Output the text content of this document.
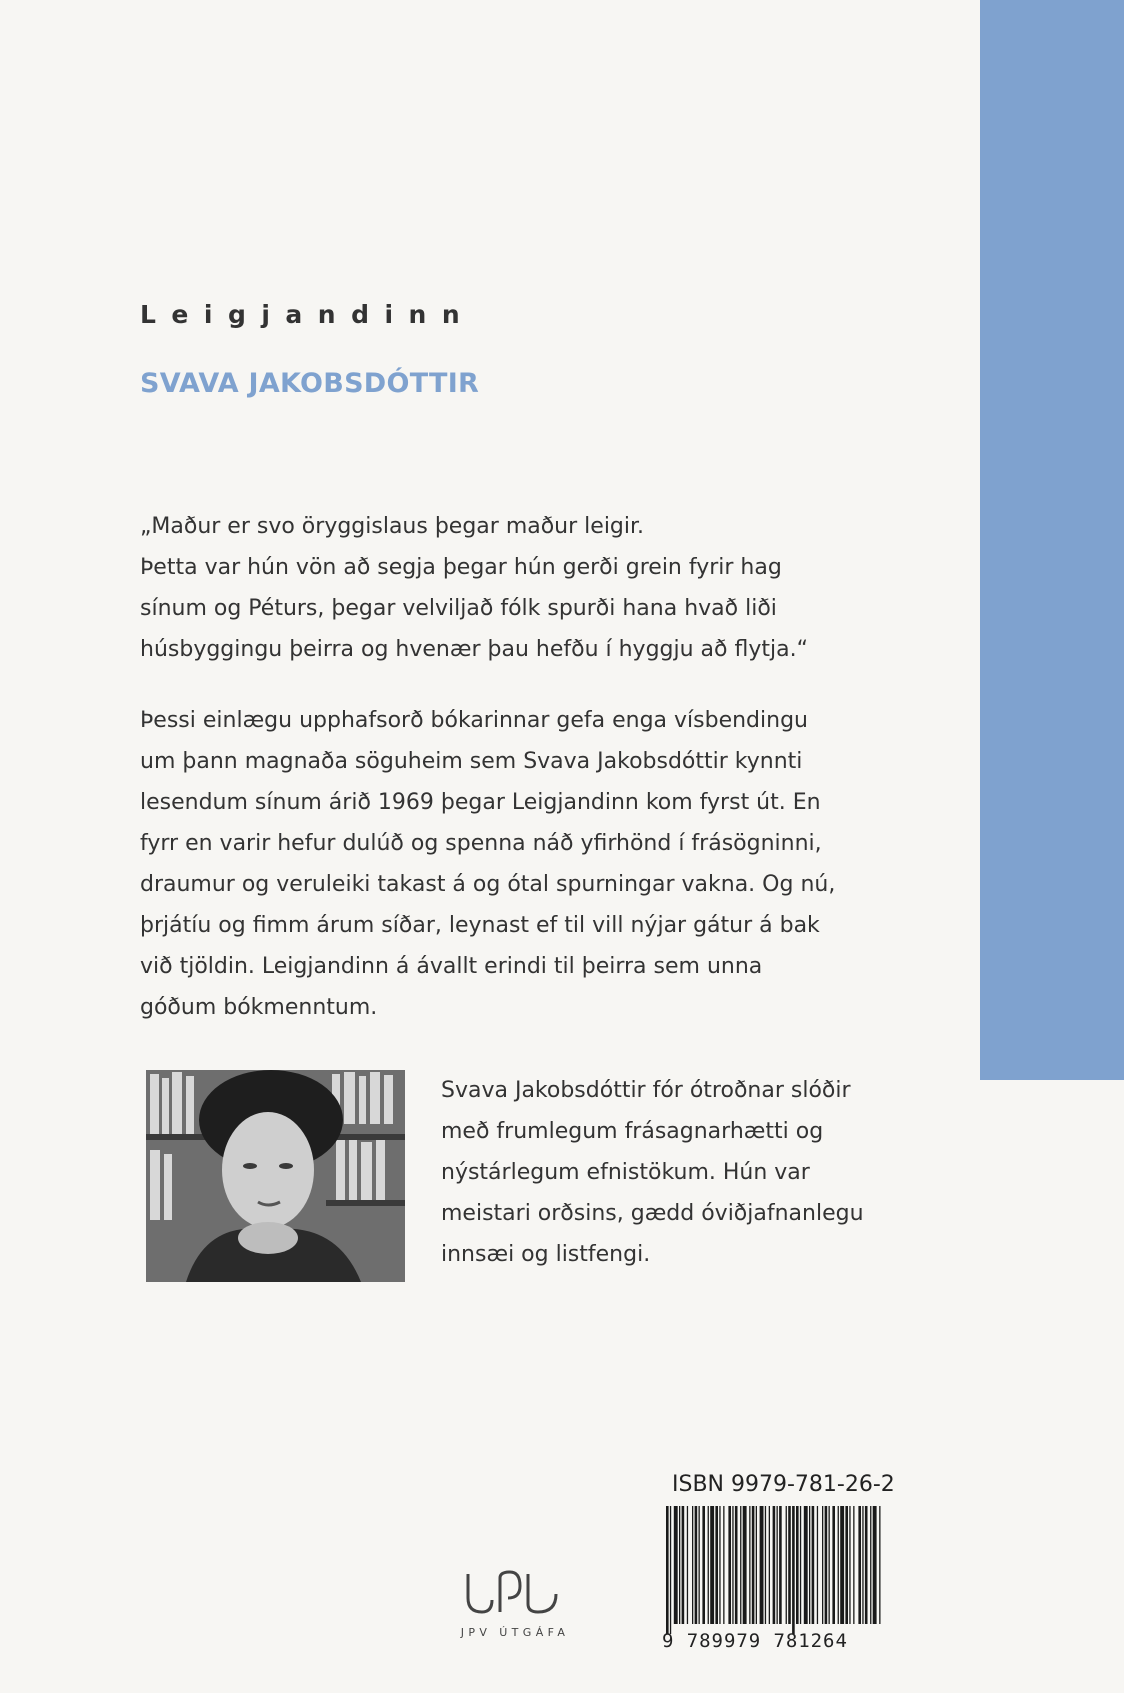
Leigjandinn
SVAVA JAKOBSDÓTTIR
„Maður er svo öryggislaus þegar maður leigir.
Þetta var hún vön að segja þegar hún gerði grein fyrir hag
sínum og Péturs, þegar velviljað fólk spurði hana hvað liði
húsbyggingu þeirra og hvenær þau hefðu í hyggju að flytja.“
Þessi einlægu upphafsorð bókarinnar gefa enga vísbendingu
um þann magnaða söguheim sem Svava Jakobsdóttir kynnti
lesendum sínum árið 1969 þegar Leigjandinn kom fyrst út. En
fyrr en varir hefur dulúð og spenna náð yfirhönd í frásögninni,
draumur og veruleiki takast á og ótal spurningar vakna. Og nú,
þrjátíu og fimm árum síðar, leynast ef til vill nýjar gátur á bak
við tjöldin. Leigjandinn á ávallt erindi til þeirra sem unna
góðum bókmenntum.
Svava Jakobsdóttir fór ótroðnar slóðir
með frumlegum frásagnarhætti og
nýstárlegum efnistökum. Hún var
meistari orðsins, gædd óviðjafnanlegu
innsæi og listfengi.
ISBN 9979-781-26-2
9 789979 781264
JPV ÚTGÁFA
